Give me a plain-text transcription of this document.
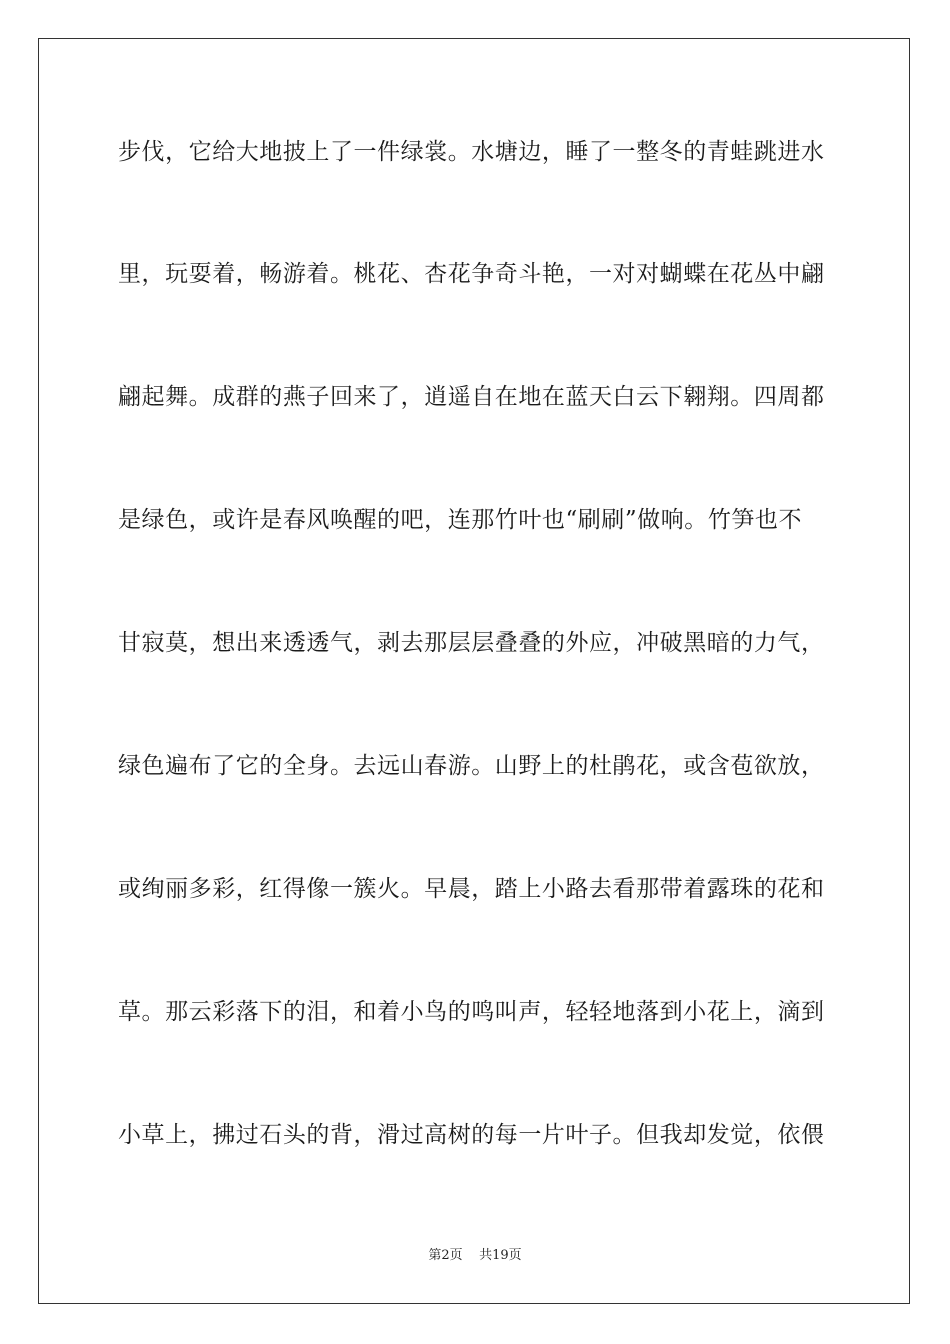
步伐，它给大地披上了一件绿裳。水塘边，睡了一整冬的青蛙跳进水
里，玩耍着，畅游着。桃花、杏花争奇斗艳，一对对蝴蝶在花丛中翩
翩起舞。成群的燕子回来了，逍遥自在地在蓝天白云下翱翔。四周都
是绿色，或许是春风唤醒的吧，连那竹叶也“刷刷”做响。竹笋也不
甘寂莫，想出来透透气，剥去那层层叠叠的外应，冲破黑暗的力气，
绿色遍布了它的全身。去远山春游。山野上的杜鹃花，或含苞欲放，
或绚丽多彩，红得像一簇火。早晨，踏上小路去看那带着露珠的花和
草。那云彩落下的泪，和着小鸟的鸣叫声，轻轻地落到小花上，滴到
小草上，拂过石头的背，滑过高树的每一片叶子。但我却发觉，依偎
第2页    共19页
